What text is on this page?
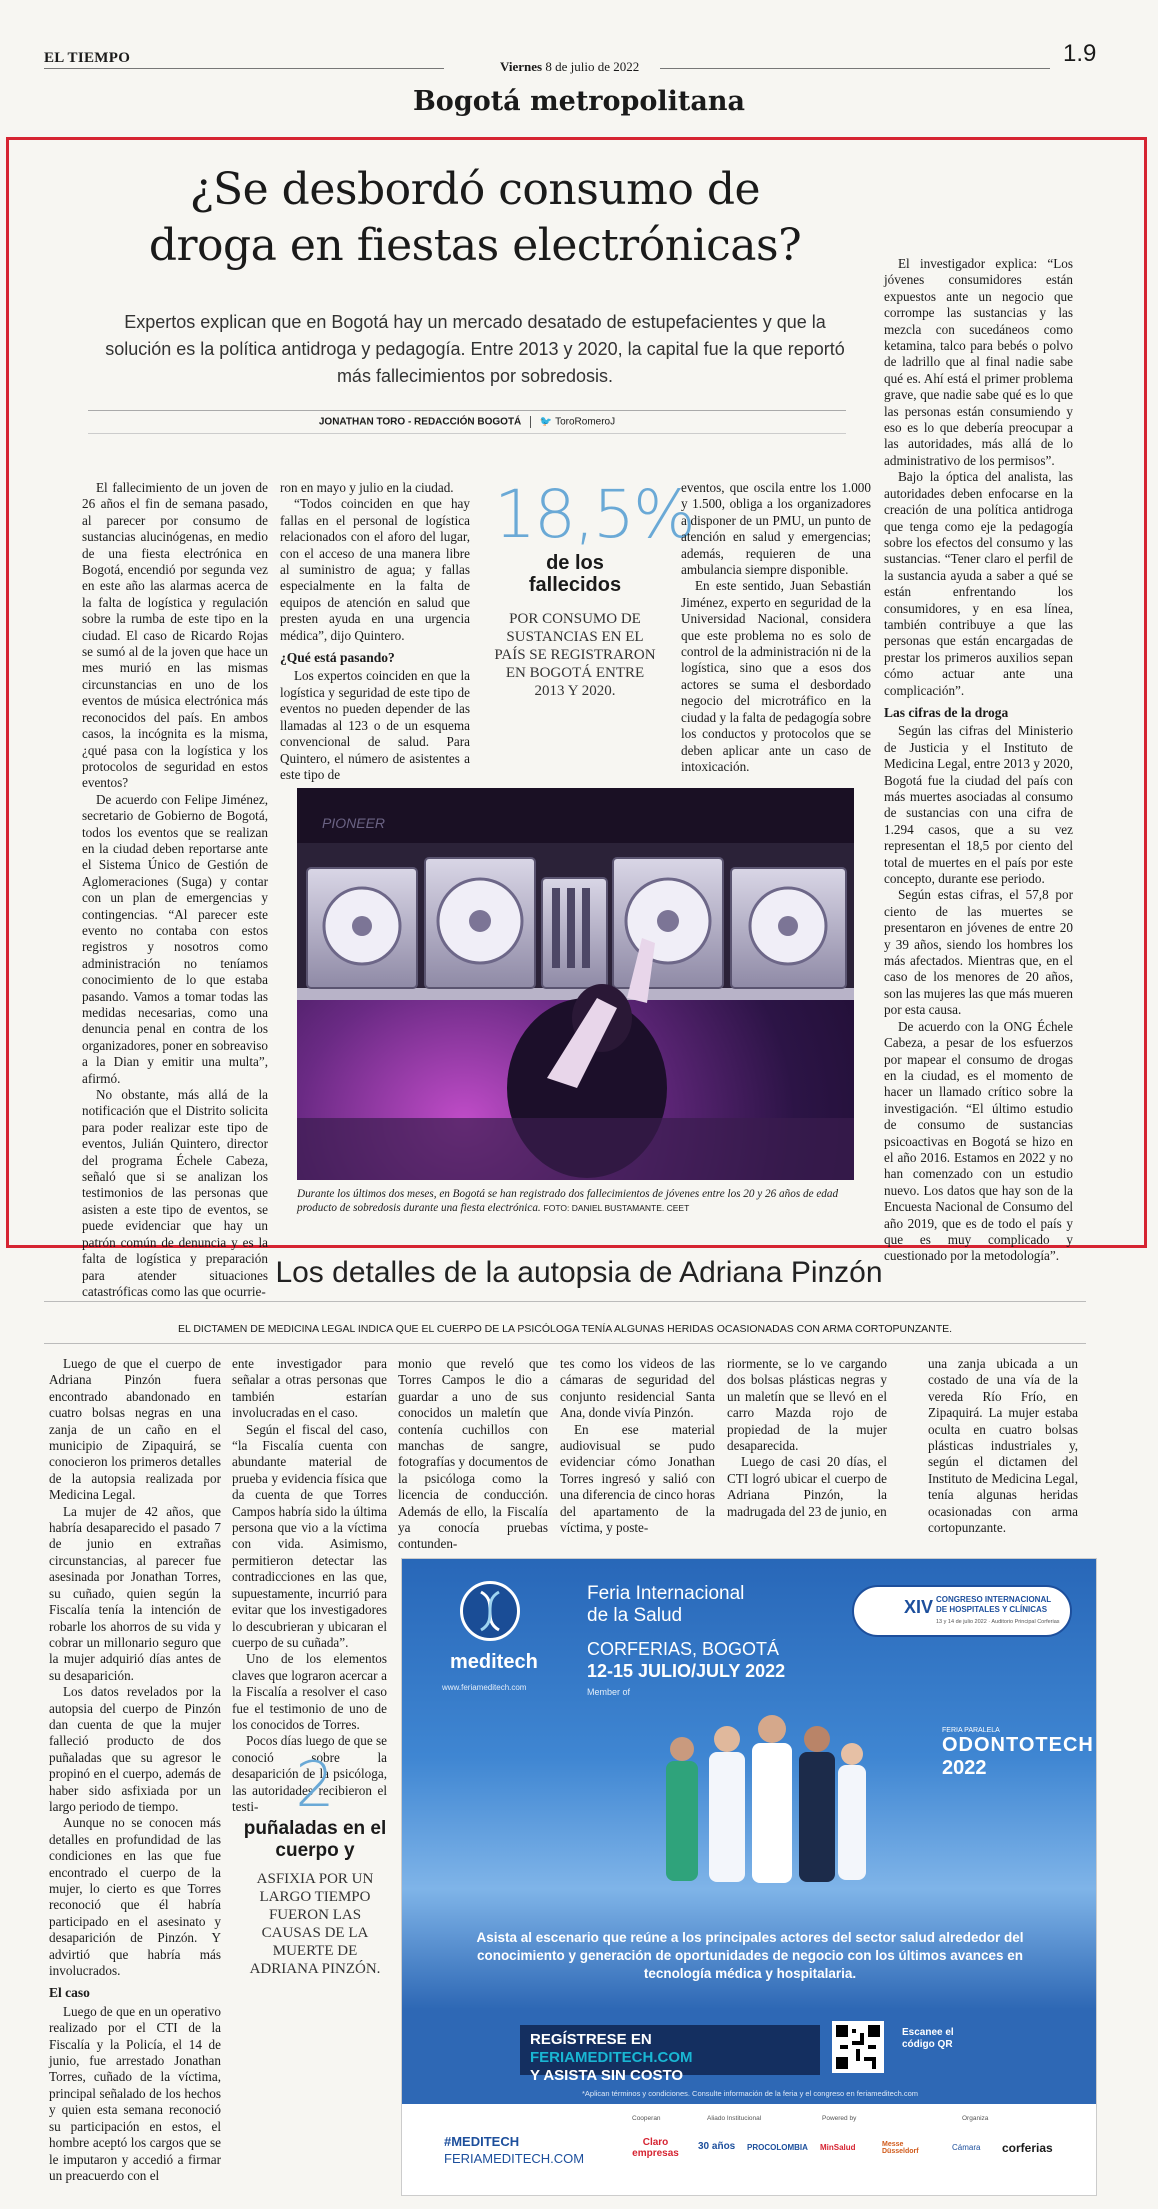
EL TIEMPO
Viernes 8 de julio de 2022	1.9
Bogotá metropolitana
¿Se desbordó consumo de
droga en fiestas electrónicas?
Expertos explican que en Bogotá hay un mercado desatado de estupefacientes y que la solución es la política antidroga y pedagogía. Entre 2013 y 2020, la capital fue la que reportó más fallecimientos por sobredosis.
JONATHAN TORO - REDACCIÓN BOGOTÁ 🐦 ToroRomeroJ

El fallecimiento de un joven de 26 años el fin de semana pasado, al parecer por consumo de sustancias alucinógenas, en medio de una fiesta electrónica en Bogotá, encendió por segunda vez en este año las alarmas acerca de la falta de logística y regulación sobre la rumba de este tipo en la ciudad. El caso de Ricardo Rojas se sumó al de la joven que hace un mes murió en las mismas circunstancias en uno de los eventos de música electrónica más reconocidos del país. En ambos casos, la incógnita es la misma, ¿qué pasa con la logística y los protocolos de seguridad en estos eventos?

De acuerdo con Felipe Jiménez, secretario de Gobierno de Bogotá, todos los eventos que se realizan en la ciudad deben reportarse ante el Sistema Único de Gestión de Aglomeraciones (Suga) y contar con un plan de emergencias y contingencias. “Al parecer este evento no contaba con estos registros y nosotros como administración no teníamos conocimiento de lo que estaba pasando. Vamos a tomar todas las medidas necesarias, como una denuncia penal en contra de los organizadores, poner en sobreaviso a la Dian y emitir una multa”, afirmó.

No obstante, más allá de la notificación que el Distrito solicita para poder realizar este tipo de eventos, Julián Quintero, director del programa Échele Cabeza, señaló que si se analizan los testimonios de las personas que asisten a este tipo de eventos, se puede evidenciar que hay un patrón común de denuncia y es la falta de logística y preparación para atender situaciones catastróficas como las que ocurrie-

ron en mayo y julio en la ciudad.

“Todos coinciden en que hay fallas en el personal de logística relacionados con el aforo del lugar, con el acceso de una manera libre al suministro de agua; y fallas especialmente en la falta de equipos de atención en salud que presten ayuda en una urgencia médica”, dijo Quintero.

¿Qué está pasando?

Los expertos coinciden en que la logística y seguridad de este tipo de eventos no pueden depender de las llamadas al 123 o de un esquema convencional de salud. Para Quintero, el número de asistentes a este tipo de

18,5%
de los fallecidos
POR CONSUMO DE SUSTANCIAS EN EL PAÍS SE REGISTRARON EN BOGOTÁ ENTRE 2013 Y 2020.

eventos, que oscila entre los 1.000 y 1.500, obliga a los organizadores a disponer de un PMU, un punto de atención en salud y emergencias; además, requieren de una ambulancia siempre disponible.

En este sentido, Juan Sebastián Jiménez, experto en seguridad de la Universidad Nacional, considera que este problema no es solo de control de la administración ni de la logística, sino que a esos dos actores se suma el desbordado negocio del microtráfico en la ciudad y la falta de pedagogía sobre los conductos y protocolos que se deben aplicar ante un caso de intoxicación.

El investigador explica: “Los jóvenes consumidores están expuestos ante un negocio que corrompe las sustancias y las mezcla con sucedáneos como ketamina, talco para bebés o polvo de ladrillo que al final nadie sabe qué es. Ahí está el primer problema grave, que nadie sabe qué es lo que las personas están consumiendo y eso es lo que debería preocupar a las autoridades, más allá de lo administrativo de los permisos”.

Bajo la óptica del analista, las autoridades deben enfocarse en la creación de una política antidroga que tenga como eje la pedagogía sobre los efectos del consumo y las sustancias. “Tener claro el perfil de la sustancia ayuda a saber a qué se están enfrentando los consumidores, y en esa línea, también contribuye a que las personas que están encargadas de prestar los primeros auxilios sepan cómo actuar ante una complicación”.

Las cifras de la droga

Según las cifras del Ministerio de Justicia y el Instituto de Medicina Legal, entre 2013 y 2020, Bogotá fue la ciudad del país con más muertes asociadas al consumo de sustancias con una cifra de 1.294 casos, que a su vez representan el 18,5 por ciento del total de muertes en el país por este concepto, durante ese periodo.

Según estas cifras, el 57,8 por ciento de las muertes se presentaron en jóvenes de entre 20 y 39 años, siendo los hombres los más afectados. Mientras que, en el caso de los menores de 20 años, son las mujeres las que más mueren por esta causa.

De acuerdo con la ONG Échele Cabeza, a pesar de los esfuerzos por mapear el consumo de drogas en la ciudad, es el momento de hacer un llamado crítico sobre la investigación. “El último estudio de consumo de sustancias psicoactivas en Bogotá se hizo en el año 2016. Estamos en 2022 y no han comenzado con un estudio nuevo. Los datos que hay son de la Encuesta Nacional de Consumo del año 2019, que es de todo el país y que es muy complicado y cuestionado por la metodología”.

PIONEER
Durante los últimos dos meses, en Bogotá se han registrado dos fallecimientos de jóvenes entre los 20 y 26 años de edad producto de sobredosis durante una fiesta electrónica. FOTO: DANIEL BUSTAMANTE. CEET
Los detalles de la autopsia de Adriana Pinzón
EL DICTAMEN DE MEDICINA LEGAL INDICA QUE EL CUERPO DE LA PSICÓLOGA TENÍA ALGUNAS HERIDAS OCASIONADAS CON ARMA CORTOPUNZANTE.

Luego de que el cuerpo de Adriana Pinzón fuera encontrado abandonado en cuatro bolsas negras en una zanja de un caño en el municipio de Zipaquirá, se conocieron los primeros detalles de la autopsia realizada por Medicina Legal.

La mujer de 42 años, que habría desaparecido el pasado 7 de junio en extrañas circunstancias, al parecer fue asesinada por Jonathan Torres, su cuñado, quien según la Fiscalía tenía la intención de robarle los ahorros de su vida y cobrar un millonario seguro que la mujer adquirió días antes de su desaparición.

Los datos revelados por la autopsia del cuerpo de Pinzón dan cuenta de que la mujer falleció producto de dos puñaladas que su agresor le propinó en el cuerpo, además de haber sido asfixiada por un largo periodo de tiempo.

Aunque no se conocen más detalles en profundidad de las condiciones en las que fue encontrado el cuerpo de la mujer, lo cierto es que Torres reconoció que él habría participado en el asesinato y desaparición de Pinzón. Y advirtió que habría más involucrados.

El caso

Luego de que en un operativo realizado por el CTI de la Fiscalía y la Policía, el 14 de junio, fue arrestado Jonathan Torres, cuñado de la víctima, principal señalado de los hechos y quien esta semana reconoció su participación en estos, el hombre aceptó los cargos que se le imputaron y accedió a firmar un preacuerdo con el

ente investigador para señalar a otras personas que también estarían involucradas en el caso.

Según el fiscal del caso, “la Fiscalía cuenta con abundante material de prueba y evidencia física que da cuenta de que Torres Campos habría sido la última persona que vio a la víctima con vida. Asimismo, permitieron detectar las contradicciones en las que, supuestamente, incurrió para evitar que los investigadores lo descubrieran y ubicaran el cuerpo de su cuñada”.

Uno de los elementos claves que lograron acercar a la Fiscalía a resolver el caso fue el testimonio de uno de los conocidos de Torres.

Pocos días luego de que se conoció sobre la desaparición de la psicóloga, las autoridades recibieron el testi-

monio que reveló que Torres Campos le dio a guardar a uno de sus conocidos un maletín que contenía cuchillos con manchas de sangre, fotografías y documentos de la psicóloga como la licencia de conducción. Además de ello, la Fiscalía ya conocía pruebas contunden-

tes como los videos de las cámaras de seguridad del conjunto residencial Santa Ana, donde vivía Pinzón.

En ese material audiovisual se pudo evidenciar cómo Jonathan Torres ingresó y salió con una diferencia de cinco horas del apartamento de la víctima, y poste-

riormente, se lo ve cargando dos bolsas plásticas negras y un maletín que se llevó en el carro Mazda rojo de propiedad de la mujer desaparecida.

Luego de casi 20 días, el CTI logró ubicar el cuerpo de Adriana Pinzón, la madrugada del 23 de junio, en

una zanja ubicada a un costado de una vía de la vereda Río Frío, en Zipaquirá. La mujer estaba oculta en cuatro bolsas plásticas industriales y, según el dictamen del Instituto de Medicina Legal, tenía algunas heridas ocasionadas con arma cortopunzante.

2
puñaladas en el cuerpo y
ASFIXIA POR UN LARGO TIEMPO FUERON LAS CAUSAS DE LA MUERTE DE ADRIANA PINZÓN.
meditech
www.feriameditech.com
Feria Internacional
de la Salud
CORFERIAS, BOGOTÁ
12-15 JULIO/JULY 2022
Member of
XIV CONGRESO INTERNACIONAL
DE HOSPITALES Y CLÍNICAS
13 y 14 de julio 2022 · Auditorio Principal Corferias
FERIA PARALELA
ODONTOTECH
2022
Asista al escenario que reúne a los principales actores del sector salud alrededor del conocimiento y generación de oportunidades de negocio con los últimos avances en tecnología médica y hospitalaria.
REGÍSTRESE EN FERIAMEDITECH.COM
Y ASISTA SIN COSTO
Escanee el código QR
*Aplican términos y condiciones. Consulte información de la feria y el congreso en feriameditech.com
#MEDITECH
FERIAMEDITECH.COM
Cooperan	Aliado Institucional	Powered by	Organiza
Claro empresas
30 años PROCOLOMBIA MinSalud	Messe Düsseldorf	Cámara corferias
